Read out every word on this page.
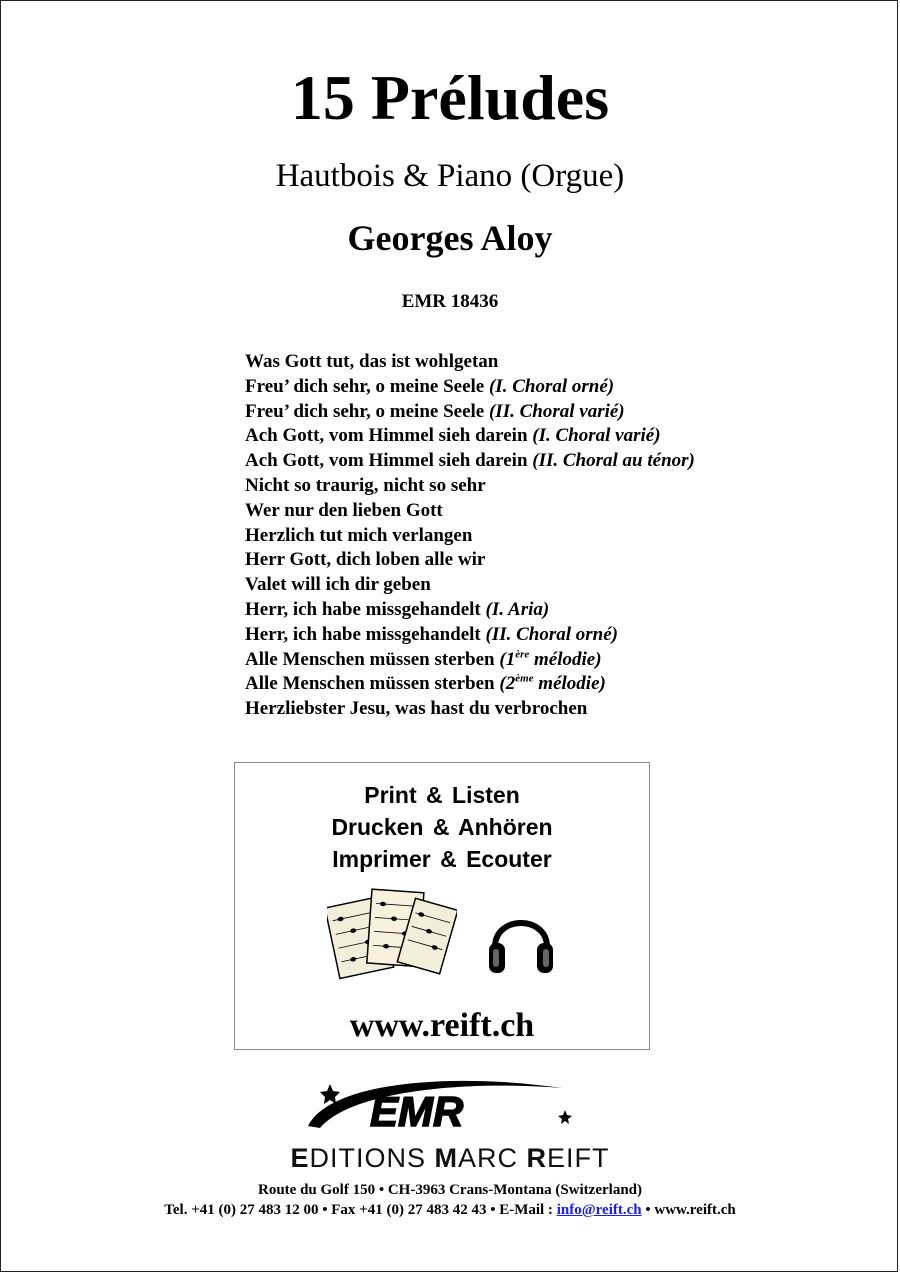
15 Préludes
Hautbois & Piano (Orgue)
Georges Aloy
EMR 18436
Was Gott tut, das ist wohlgetan
Freu’ dich sehr, o meine Seele (I. Choral orné)
Freu’ dich sehr, o meine Seele (II. Choral varié)
Ach Gott, vom Himmel sieh darein (I. Choral varié)
Ach Gott, vom Himmel sieh darein (II. Choral au ténor)
Nicht so traurig, nicht so sehr
Wer nur den lieben Gott
Herzlich tut mich verlangen
Herr Gott, dich loben alle wir
Valet will ich dir geben
Herr, ich habe missgehandelt (I. Aria)
Herr, ich habe missgehandelt (II. Choral orné)
Alle Menschen müssen sterben (1ère mélodie)
Alle Menschen müssen sterben (2ème mélodie)
Herzliebster Jesu, was hast du verbrochen
Print & Listen
Drucken & Anhören
Imprimer & Ecouter
www.reift.ch
EMR
EDITIONS MARC REIFT
Route du Golf 150 • CH-3963 Crans-Montana (Switzerland)
Tel. +41 (0) 27 483 12 00 • Fax +41 (0) 27 483 42 43 • E-Mail : info@reift.ch • www.reift.ch
